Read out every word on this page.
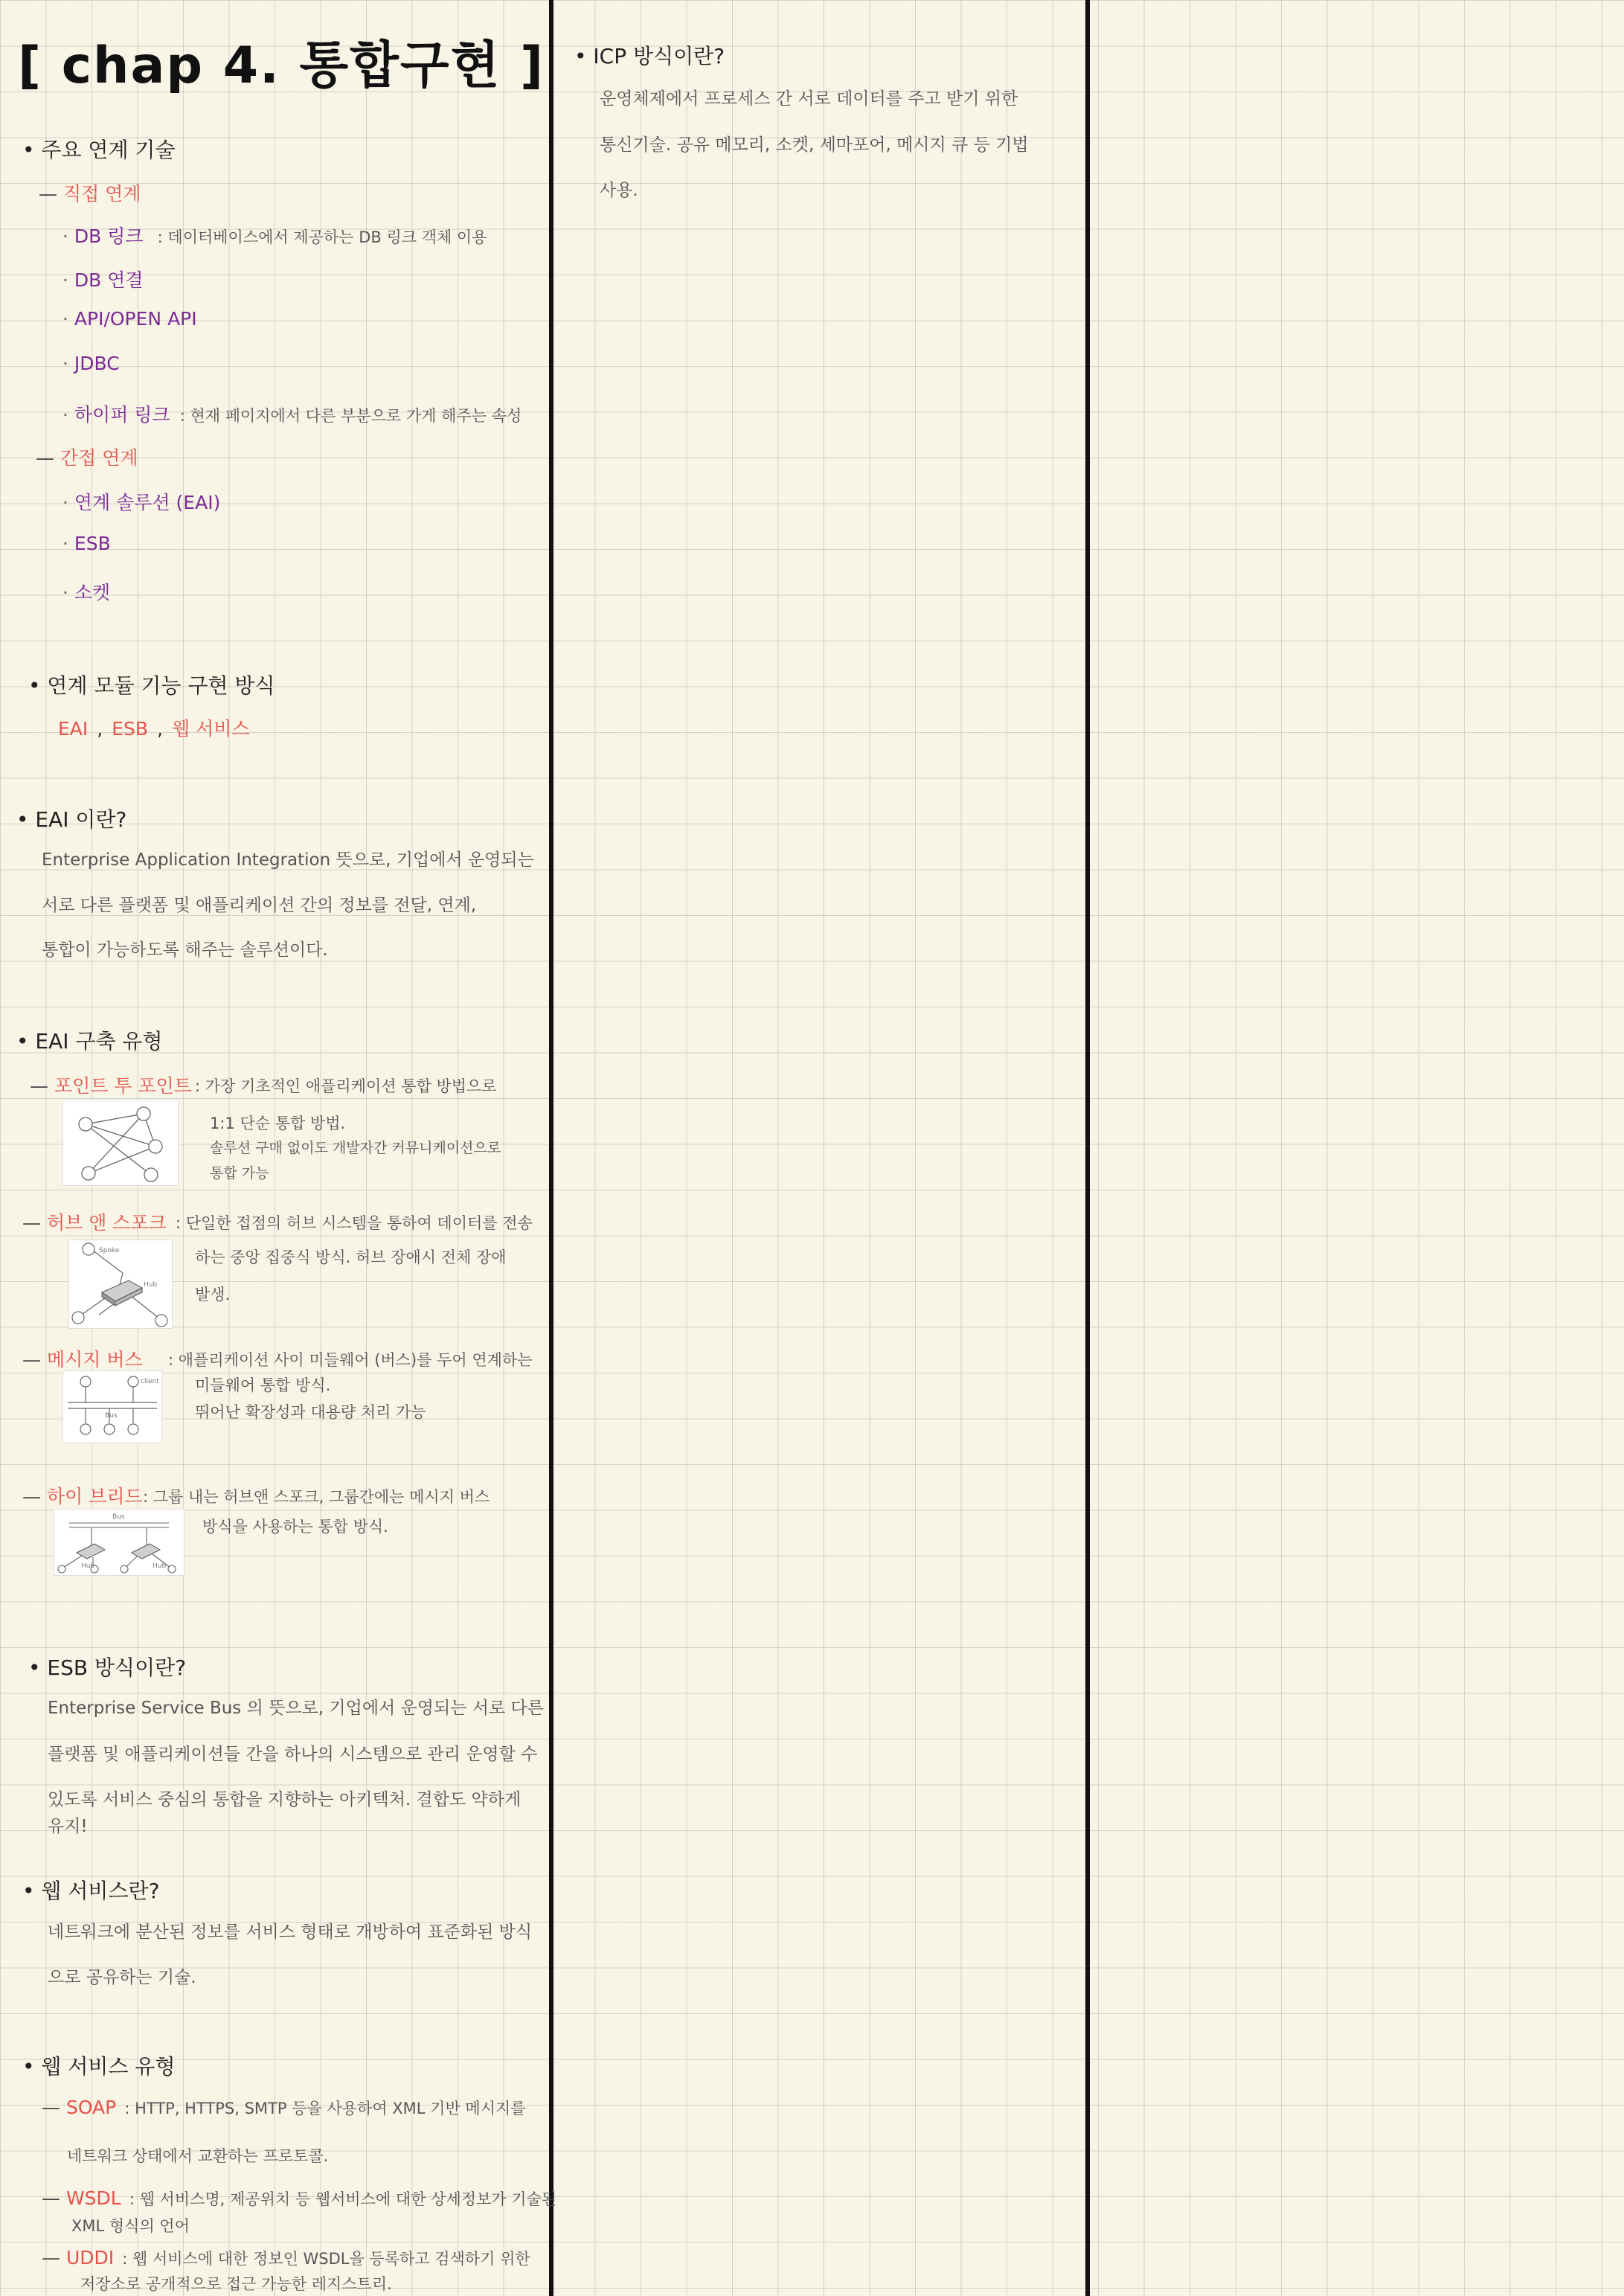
[ chap 4. 통합구현 ]
• 주요 연계 기술
— 직접 연계
· DB 링크 : 데이터베이스에서 제공하는 DB 링크 객체 이용
· DB 연결
· API/OPEN API
· JDBC
· 하이퍼 링크 : 현재 페이지에서 다른 부분으로 가게 해주는 속성
— 간접 연계
· 연계 솔루션 (EAI)
· ESB
· 소켓
• 연계 모듈 기능 구현 방식
EAI , ESB , 웹 서비스
• EAI 이란?
Enterprise Application Integration 뜻으로, 기업에서 운영되는
서로 다른 플랫폼 및 애플리케이션 간의 정보를 전달, 연계,
통합이 가능하도록 해주는 솔루션이다.
• EAI 구축 유형
— 포인트 투 포인트 : 가장 기초적인 애플리케이션 통합 방법으로
1:1 단순 통합 방법.
솔루션 구매 없이도 개발자간 커뮤니케이션으로
통합 가능
— 허브 앤 스포크 : 단일한 접점의 허브 시스템을 통하여 데이터를 전송
Spoke
Hub
하는 중앙 집중식 방식. 허브 장애시 전체 장애
발생.
— 메시지 버스 : 애플리케이션 사이 미들웨어 (버스)를 두어 연계하는
Bus
client 미들웨어 통합 방식.
뛰어난 확장성과 대용량 처리 가능
— 하이 브리드 : 그룹 내는 허브앤 스포크, 그룹간에는 메시지 버스
Bus
Hub	Hub
방식을 사용하는 통합 방식.
• ESB 방식이란?
Enterprise Service Bus 의 뜻으로, 기업에서 운영되는 서로 다른
플랫폼 및 애플리케이션들 간을 하나의 시스템으로 관리 운영할 수
있도록 서비스 중심의 통합을 지향하는 아키텍처. 결합도 약하게
유지!
• 웹 서비스란?
네트워크에 분산된 정보를 서비스 형태로 개방하여 표준화된 방식
으로 공유하는 기술.
• 웹 서비스 유형
— SOAP : HTTP, HTTPS, SMTP 등을 사용하여 XML 기반 메시지를
네트워크 상태에서 교환하는 프로토콜.
— WSDL : 웹 서비스명, 제공위치 등 웹서비스에 대한 상세정보가 기술된
XML 형식의 언어
— UDDI : 웹 서비스에 대한 정보인 WSDL을 등록하고 검색하기 위한
저장소로 공개적으로 접근 가능한 레지스트리.
• ICP 방식이란?
운영체제에서 프로세스 간 서로 데이터를 주고 받기 위한
통신기술. 공유 메모리, 소켓, 세마포어, 메시지 큐 등 기법
사용.
